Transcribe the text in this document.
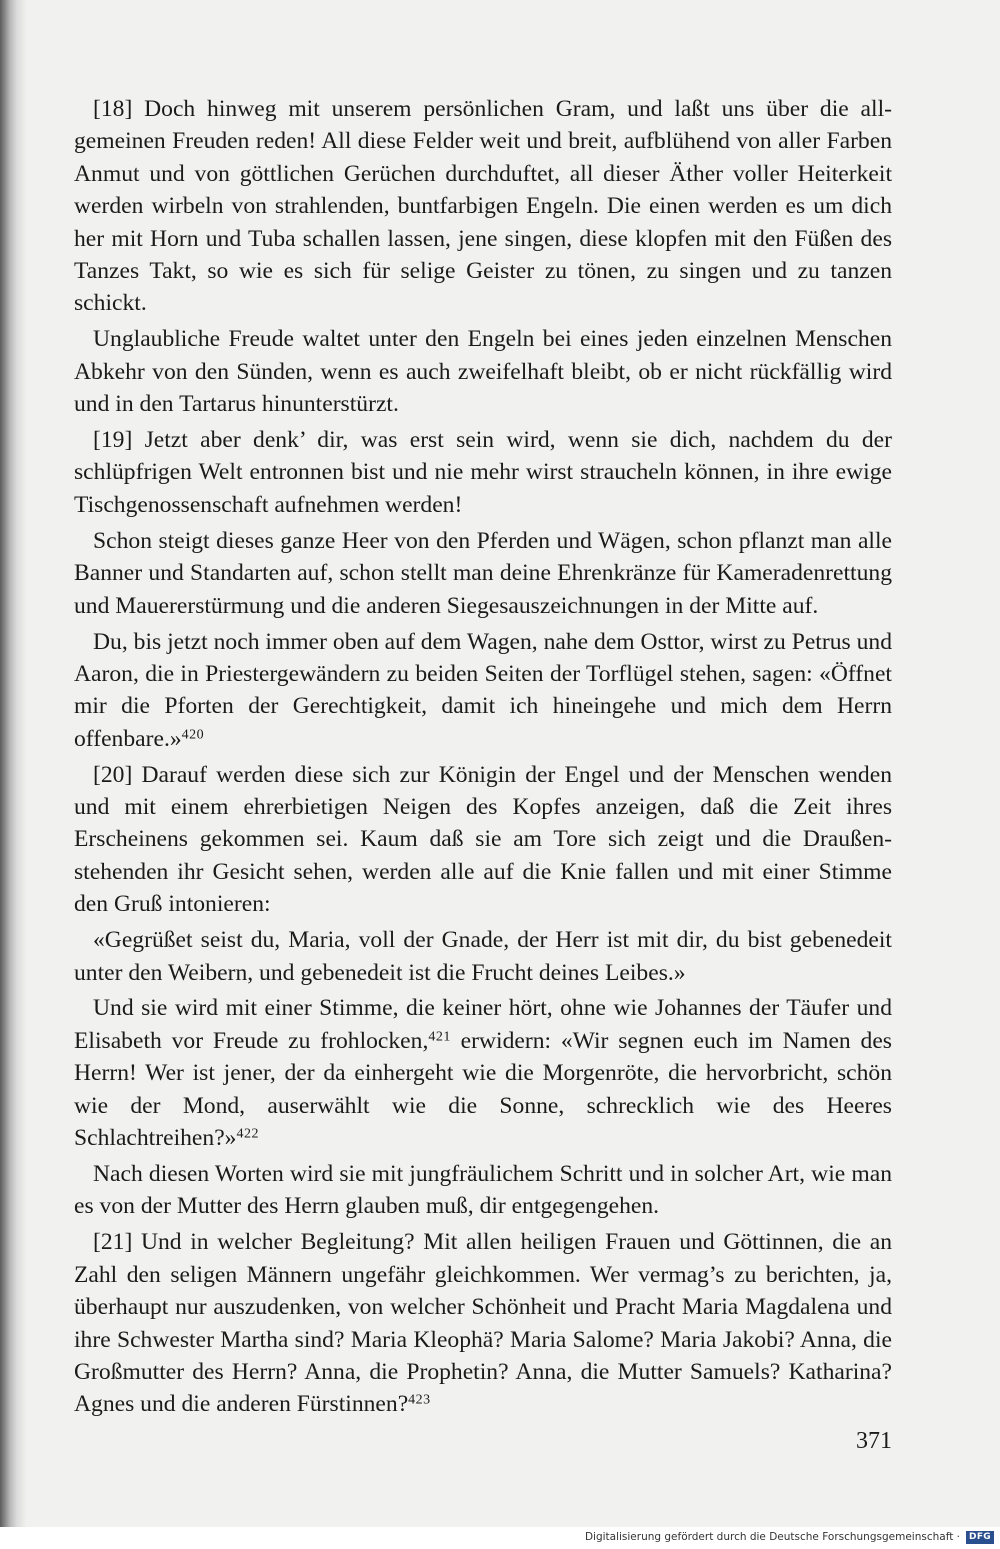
[18] Doch hinweg mit unserem persönlichen Gram, und laßt uns über die allgemeinen Freuden reden! All diese Felder weit und breit, aufblühend von aller Farben Anmut und von göttlichen Gerüchen durchduftet, all dieser Äther voller Heiterkeit werden wirbeln von strahlenden, buntfarbigen Engeln. Die einen werden es um dich her mit Horn und Tuba schallen lassen, jene singen, diese klopfen mit den Füßen des Tanzes Takt, so wie es sich für selige Geister zu tönen, zu singen und zu tanzen schickt.

Unglaubliche Freude waltet unter den Engeln bei eines jeden einzelnen Menschen Abkehr von den Sünden, wenn es auch zweifelhaft bleibt, ob er nicht rückfällig wird und in den Tartarus hinunterstürzt.

[19] Jetzt aber denk’ dir, was erst sein wird, wenn sie dich, nachdem du der schlüpfrigen Welt entronnen bist und nie mehr wirst straucheln können, in ihre ewige Tischgenossenschaft aufnehmen werden!

Schon steigt dieses ganze Heer von den Pferden und Wägen, schon pflanzt man alle Banner und Standarten auf, schon stellt man deine Ehrenkränze für Kameradenrettung und Mauererstürmung und die anderen Siegesauszeichnungen in der Mitte auf.

Du, bis jetzt noch immer oben auf dem Wagen, nahe dem Osttor, wirst zu Petrus und Aaron, die in Priestergewändern zu beiden Seiten der Torflügel stehen, sagen: «Öffnet mir die Pforten der Gerechtigkeit, damit ich hineingehe und mich dem Herrn offenbare.»$^{420}$

[20] Darauf werden diese sich zur Königin der Engel und der Menschen wenden und mit einem ehrerbietigen Neigen des Kopfes anzeigen, daß die Zeit ihres Erscheinens gekommen sei. Kaum daß sie am Tore sich zeigt und die Draußenstehenden ihr Gesicht sehen, werden alle auf die Knie fallen und mit einer Stimme den Gruß intonieren:

«Gegrüßet seist du, Maria, voll der Gnade, der Herr ist mit dir, du bist gebenedeit unter den Weibern, und gebenedeit ist die Frucht deines Leibes.»

Und sie wird mit einer Stimme, die keiner hört, ohne wie Johannes der Täufer und Elisabeth vor Freude zu frohlocken,$^{421}$ erwidern: «Wir segnen euch im Namen des Herrn! Wer ist jener, der da einhergeht wie die Morgenröte, die hervorbricht, schön wie der Mond, auserwählt wie die Sonne, schrecklich wie des Heeres Schlachtreihen?»$^{422}$

Nach diesen Worten wird sie mit jungfräulichem Schritt und in solcher Art, wie man es von der Mutter des Herrn glauben muß, dir entgegengehen.

[21] Und in welcher Begleitung? Mit allen heiligen Frauen und Göttinnen, die an Zahl den seligen Männern ungefähr gleichkommen. Wer vermag’s zu berichten, ja, überhaupt nur auszudenken, von welcher Schönheit und Pracht Maria Magdalena und ihre Schwester Martha sind? Maria Kleophä? Maria Salome? Maria Jakobi? Anna, die Großmutter des Herrn? Anna, die Prophetin? Anna, die Mutter Samuels? Katharina? Agnes und die anderen Fürstinnen?$^{423}$

371
Digitalisierung gefördert durch die Deutsche Forschungsgemeinschaft ·	DFG
